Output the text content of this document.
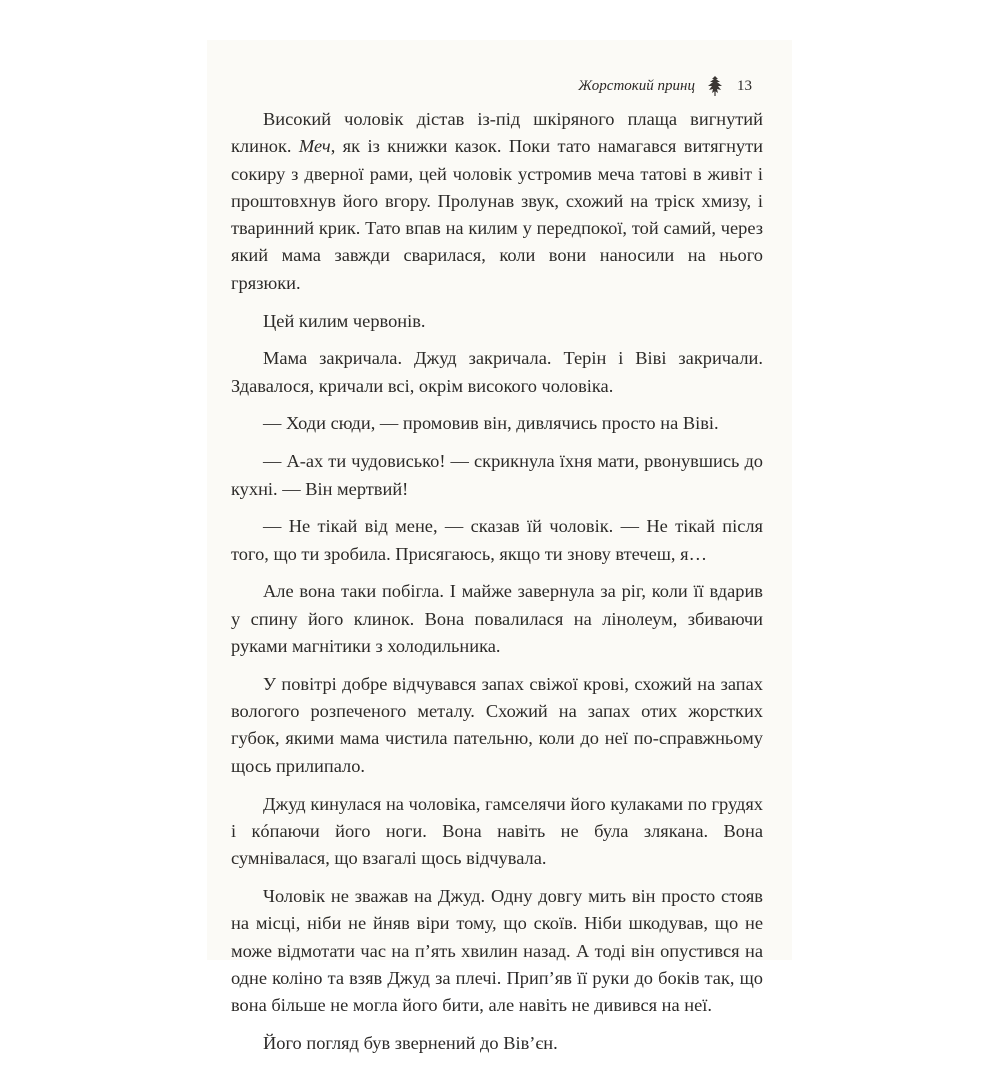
Жорстокий принц	13

Високий чоловік дістав із-під шкіряного плаща вигнутий клинок. Меч, як із книжки казок. Поки тато намагався витягнути сокиру з дверної рами, цей чоловік устромив меча татові в живіт і проштовхнув його вгору. Пролунав звук, схожий на тріск хмизу, і тваринний крик. Тато впав на килим у передпокої, той самий, через який мама завжди сварилася, коли вони наносили на нього грязюки.

Цей килим червонів.

Мама закричала. Джуд закричала. Терін і Віві закричали. Здавалося, кричали всі, окрім високого чоловіка.

— Ходи сюди, — промовив він, дивлячись просто на Віві.

— А-ах ти чудовисько! — скрикнула їхня мати, рвонувшись до кухні. — Він мертвий!

— Не тікай від мене, — сказав їй чоловік. — Не тікай після того, що ти зробила. Присягаюсь, якщо ти знову втечеш, я…

Але вона таки побігла. І майже завернула за ріг, коли її вдарив у спину його клинок. Вона повалилася на лінолеум, збиваючи руками магнітики з холодильника.

У повітрі добре відчувався запах свіжої крові, схожий на запах вологого розпеченого металу. Схожий на запах отих жорстких губок, якими мама чистила пательню, коли до неї по-справжньому щось прилипало.

Джуд кинулася на чоловіка, гамселячи його кулаками по грудях і кóпаючи його ноги. Вона навіть не була злякана. Вона сумнівалася, що взагалі щось відчувала.

Чоловік не зважав на Джуд. Одну довгу мить він просто стояв на місці, ніби не йняв віри тому, що скоїв. Ніби шкодував, що не може відмотати час на п’ять хвилин назад. А тоді він опустився на одне коліно та взяв Джуд за плечі. Прип’яв її руки до боків так, що вона більше не могла його бити, але навіть не дивився на неї.

Його погляд був звернений до Вів’єн.
